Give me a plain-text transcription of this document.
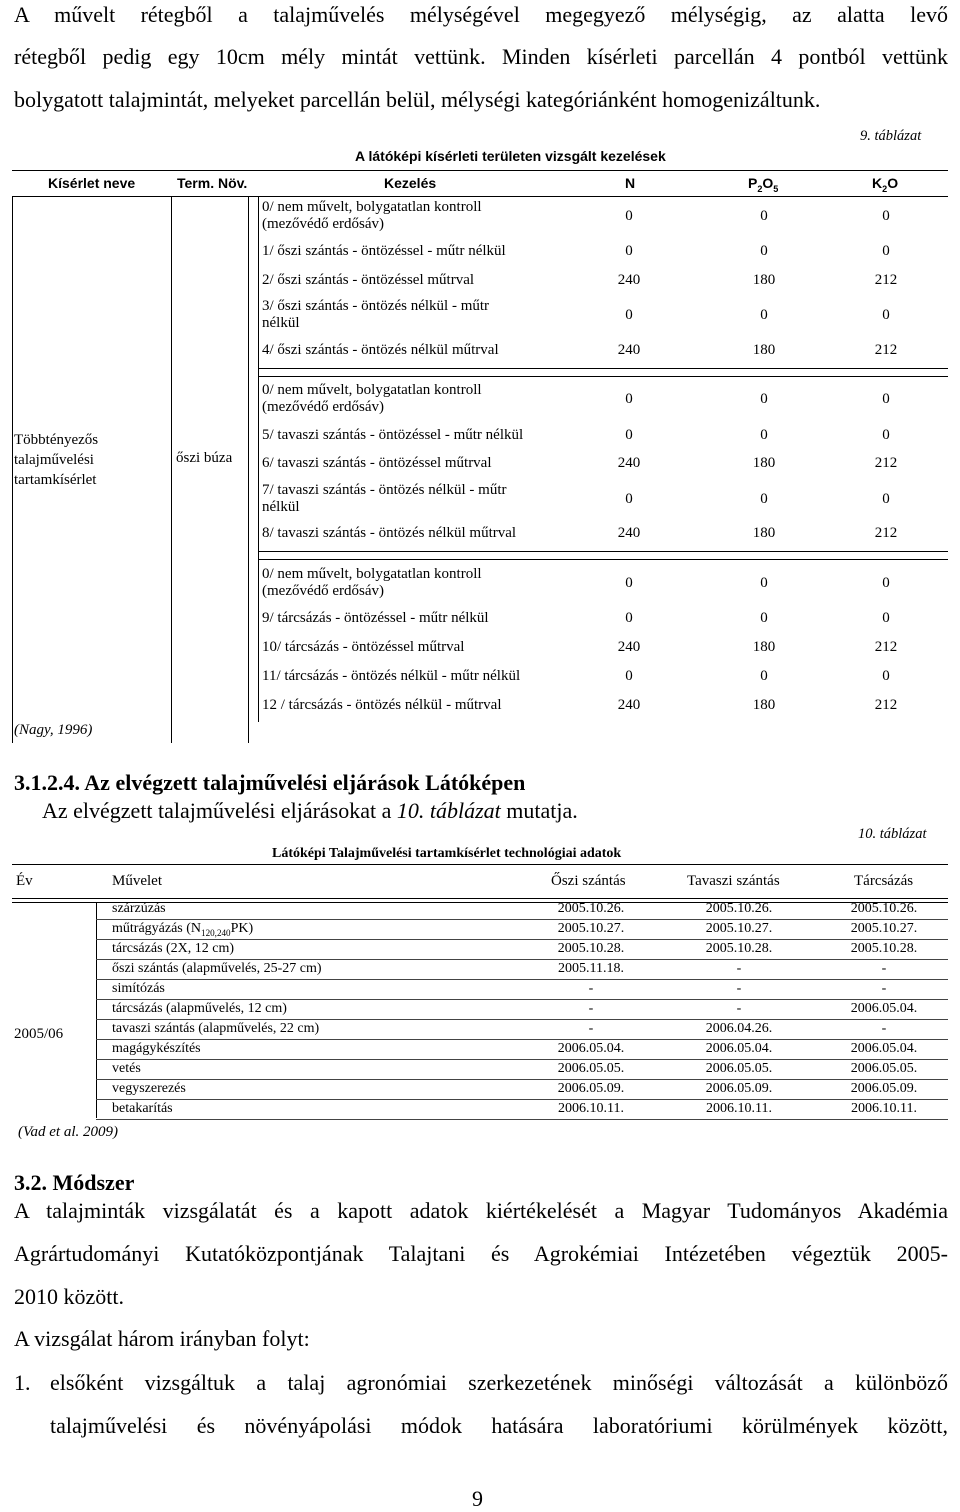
A művelt rétegből a talajművelés mélységével megegyező mélységig, az alatta levő
rétegből pedig egy 10cm mély mintát vettünk. Minden kísérleti parcellán 4 pontból vettünk
bolygatott talajmintát, melyeket parcellán belül, mélységi kategóriánként homogenizáltunk.
9. táblázat
A látóképi kísérleti területen vizsgált kezelések
Kísérlet neve	Term. Növ.	Kezelés	N	$P_2O_5$	$K_2O$
Többtényezős
talajművelési
tartamkísérlet
őszi búza
(Nagy, 1996)
0/ nem művelt, bolygatatlan kontroll
(mezővédő erdősáv)	0	0	0
1/ őszi szántás - öntözéssel - műtr nélkül	0	0	0
2/ őszi szántás - öntözéssel műtrval	240	180	212
3/ őszi szántás - öntözés nélkül - műtr
nélkül	0	0	0
4/ őszi szántás - öntözés nélkül műtrval	240	180	212
0/ nem művelt, bolygatatlan kontroll
(mezővédő erdősáv)	0	0	0
5/ tavaszi szántás - öntözéssel - műtr nélkül	0	0	0
6/ tavaszi szántás - öntözéssel műtrval	240	180	212
7/ tavaszi szántás - öntözés nélkül - műtr
nélkül	0	0	0
8/ tavaszi szántás - öntözés nélkül műtrval	240	180	212
0/ nem művelt, bolygatatlan kontroll
(mezővédő erdősáv)	0	0	0
9/ tárcsázás - öntözéssel - műtr nélkül	0	0	0
10/ tárcsázás - öntözéssel műtrval	240	180	212
11/ tárcsázás - öntözés nélkül - műtr nélkül	0	0	0
12 / tárcsázás - öntözés nélkül - műtrval	240	180	212
3.1.2.4. Az elvégzett talajművelési eljárások Látóképen
Az elvégzett talajművelési eljárásokat a 10. táblázat mutatja.
10. táblázat
Látóképi Talajművelési tartamkísérlet technológiai adatok
Év	Művelet	Őszi szántás	Tavaszi szántás	Tárcsázás
2005/06
(Vad et al. 2009)
szárzúzás	2005.10.26.	2005.10.26.	2005.10.26.
műtrágyázás $(N_{120,240}PK)$	2005.10.27.	2005.10.27.	2005.10.27.
tárcsázás (2X, 12 cm)	2005.10.28.	2005.10.28.	2005.10.28.
őszi szántás (alapművelés, 25-27 cm)	2005.11.18.	-	-
simítózás	-	-	-
tárcsázás (alapművelés, 12 cm)	-	-	2006.05.04.
tavaszi szántás (alapművelés, 22 cm)	-	2006.04.26.	-
magágykészítés	2006.05.04.	2006.05.04.	2006.05.04.
vetés	2006.05.05.	2006.05.05.	2006.05.05.
vegyszerezés	2006.05.09.	2006.05.09.	2006.05.09.
betakarítás	2006.10.11.	2006.10.11.	2006.10.11.
3.2. Módszer
A talajminták vizsgálatát és a kapott adatok kiértékelését a Magyar Tudományos Akadémia
Agrártudományi Kutatóközpontjának Talajtani és Agrokémiai Intézetében végeztük 2005-
2010 között.
A vizsgálat három irányban folyt:
1. elsőként vizsgáltuk a talaj agronómiai szerkezetének minőségi változását a különböző
talajművelési és növényápolási módok hatására laboratóriumi körülmények között,
9
